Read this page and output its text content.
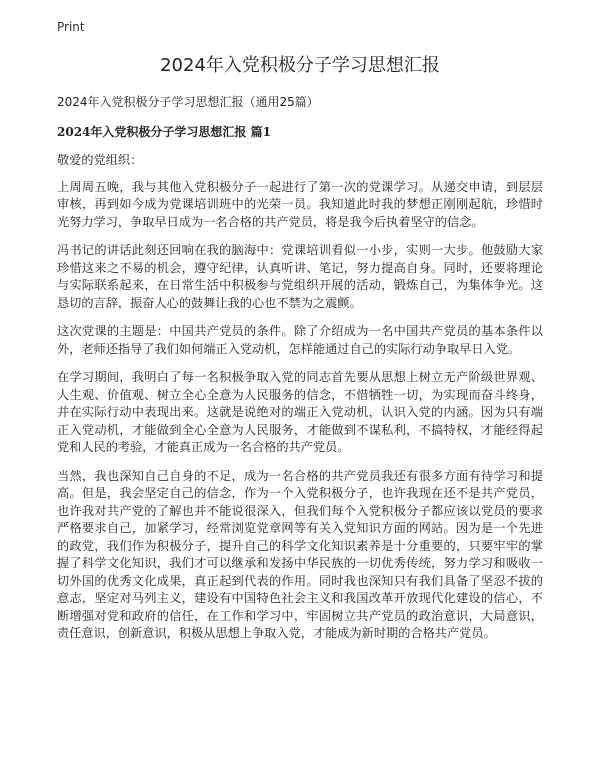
Print
2024年入党积极分子学习思想汇报

2024年入党积极分子学习思想汇报（通用25篇）

2024年入党积极分子学习思想汇报 篇1

敬爱的党组织：

上周周五晚，我与其他入党积极分子一起进行了第一次的党课学习。从递交申请，到层层审核，再到如今成为党课培训班中的光荣一员。我知道此时我的梦想正刚刚起航，珍惜时光努力学习，争取早日成为一名合格的共产党员，将是我今后执着坚守的信念。

冯书记的讲话此刻还回响在我的脑海中：党课培训看似一小步，实则一大步。他鼓励大家珍惜这来之不易的机会，遵守纪律，认真听讲、笔记，努力提高自身。同时，还要将理论与实际联系起来，在日常生活中积极参与党组织开展的活动，锻炼自己，为集体争光。这恳切的言辞，振奋人心的鼓舞让我的心也不禁为之震颤。

这次党课的主题是：中国共产党员的条件。除了介绍成为一名中国共产党员的基本条件以外，老师还指导了我们如何端正入党动机，怎样能通过自己的实际行动争取早日入党。

在学习期间，我明白了每一名积极争取入党的同志首先要从思想上树立无产阶级世界观、人生观、价值观、树立全心全意为人民服务的信念，不惜牺牲一切，为实现而奋斗终身，并在实际行动中表现出来。这就是说绝对的端正入党动机，认识入党的内涵。因为只有端正入党动机，才能做到全心全意为人民服务，才能做到不谋私利，不搞特权，才能经得起党和人民的考验，才能真正成为一名合格的共产党员。

当然，我也深知自己自身的不足，成为一名合格的共产党员我还有很多方面有待学习和提高。但是，我会坚定自己的信念，作为一个入党积极分子，也许我现在还不是共产党员，也许我对共产党的了解也并不能说很深入，但我们每个入党积极分子都应该以党员的要求严格要求自己，加紧学习，经常浏览党章网等有关入党知识方面的网站。因为是一个先进的政党，我们作为积极分子，提升自己的科学文化知识素养是十分重要的，只要牢牢的掌握了科学文化知识，我们才可以继承和发扬中华民族的一切优秀传统，努力学习和吸收一切外国的优秀文化成果，真正起到代表的作用。同时我也深知只有我们具备了坚忍不拔的意志，坚定对马列主义，建设有中国特色社会主义和我国改革开放现代化建设的信心，不断增强对党和政府的信任，在工作和学习中，牢固树立共产党员的政治意识，大局意识，责任意识，创新意识，积极从思想上争取入党，才能成为新时期的合格共产党员。
